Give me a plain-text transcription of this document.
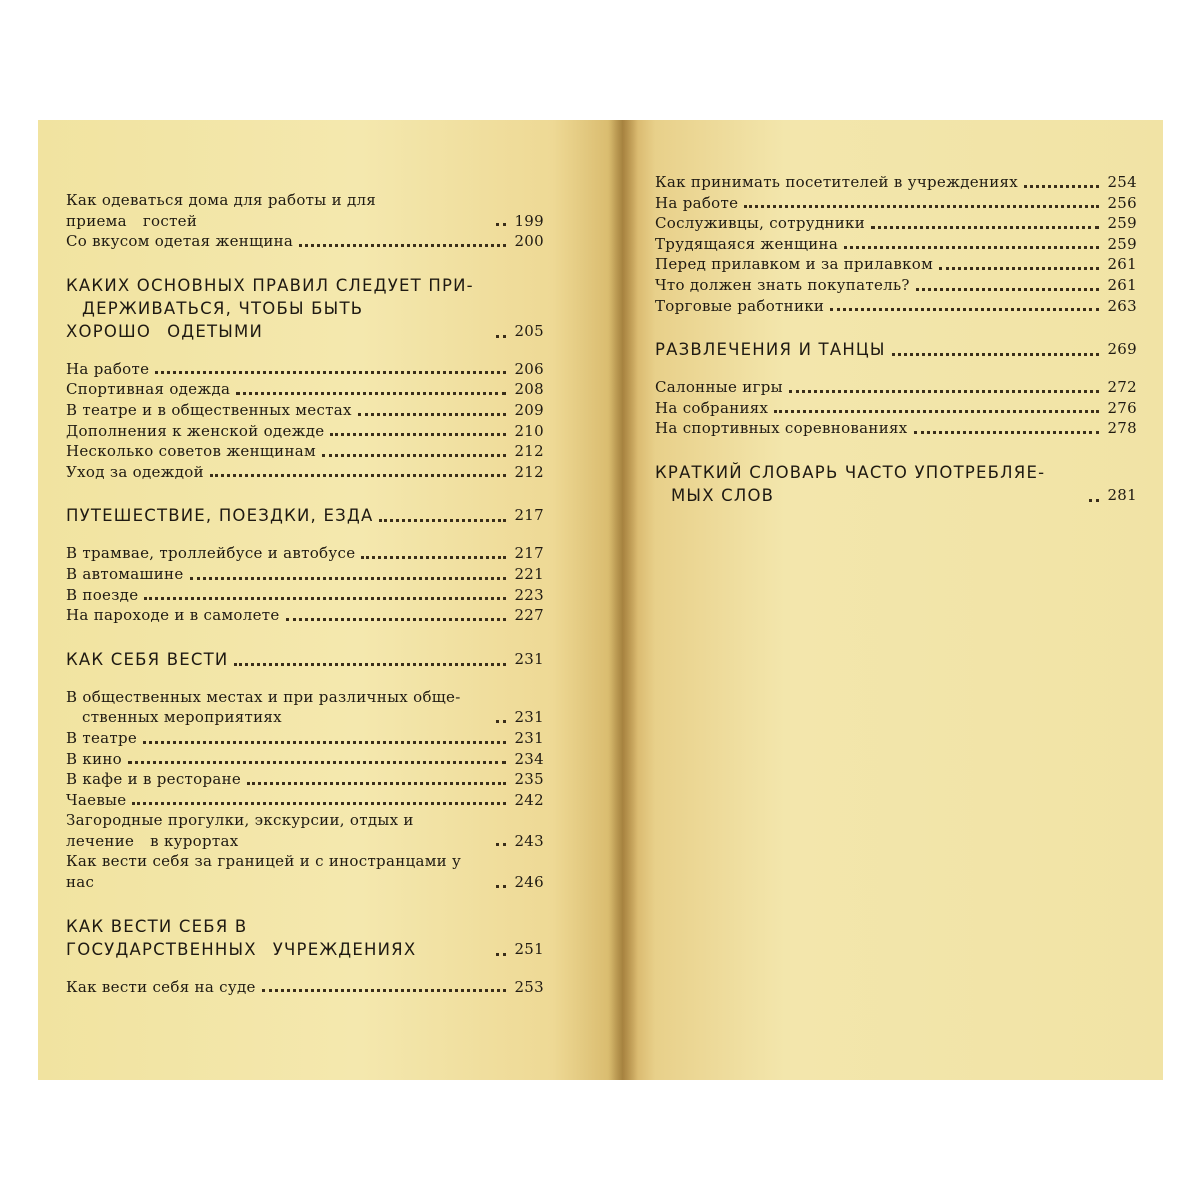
Как одеваться дома для работы и для приема гостей	199
Со вкусом одетая женщина	200
КАКИХ ОСНОВНЫХ ПРАВИЛ СЛЕДУЕТ ПРИ-ДЕРЖИВАТЬСЯ, ЧТОБЫ БЫТЬ ХОРОШО ОДЕТЫМИ	205
На работе	206
Спортивная одежда	208
В театре и в общественных местах	209
Дополнения к женской одежде	210
Несколько советов женщинам	212
Уход за одеждой	212
ПУТЕШЕСТВИЕ, ПОЕЗДКИ, ЕЗДА	217
В трамвае, троллейбусе и автобусе	217
В автомашине	221
В поезде	223
На пароходе и в самолете	227
КАК СЕБЯ ВЕСТИ	231
В общественных местах и при различных обще-ственных мероприятиях	231
В театре	231
В кино	234
В кафе и в ресторане	235
Чаевые	242
Загородные прогулки, экскурсии, отдых и лечение в курортах	243
Как вести себя за границей и с иностранцами у нас	246
КАК ВЕСТИ СЕБЯ В ГОСУДАРСТВЕННЫХ УЧРЕЖДЕНИЯХ	251
Как вести себя на суде	253
Как принимать посетителей в учреждениях	254
На работе	256
Сослуживцы, сотрудники	259
Трудящаяся женщина	259
Перед прилавком и за прилавком	261
Что должен знать покупатель?	261
Торговые работники	263
РАЗВЛЕЧЕНИЯ И ТАНЦЫ	269
Салонные игры	272
На собраниях	276
На спортивных соревнованиях	278
КРАТКИЙ СЛОВАРЬ ЧАСТО УПОТРЕБЛЯЕ-МЫХ СЛОВ	281
